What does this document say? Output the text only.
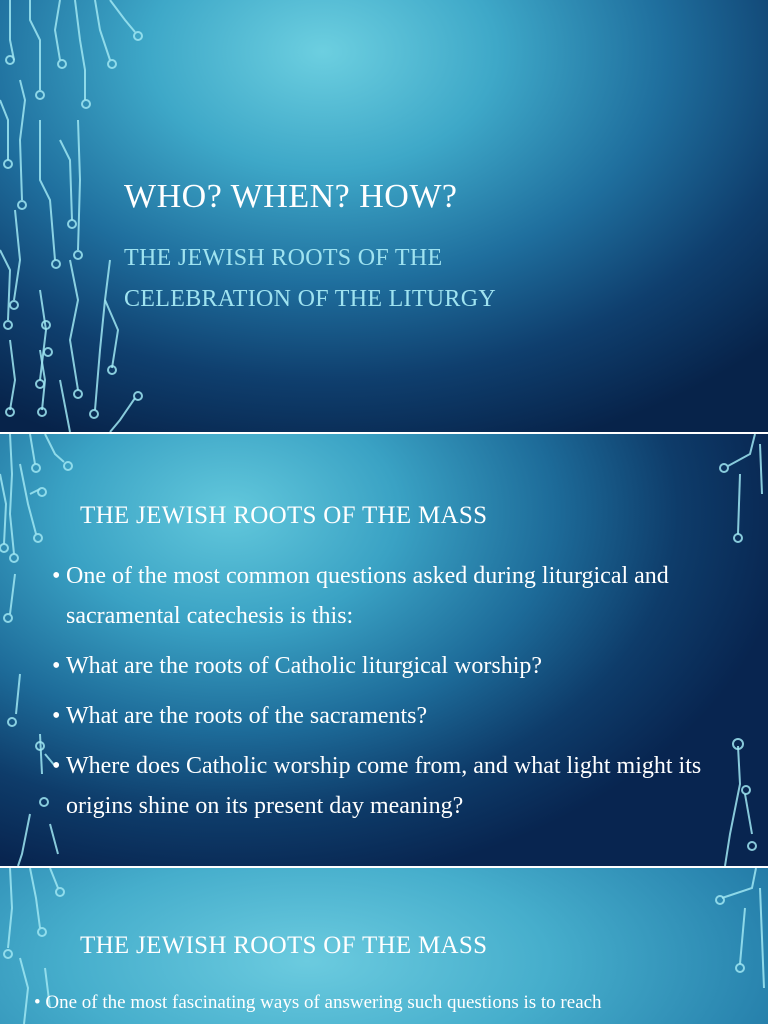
WHO? WHEN? HOW?
THE JEWISH ROOTS OF THE
CELEBRATION OF THE LITURGY
THE JEWISH ROOTS OF THE MASS
• One of the most common questions asked during liturgical and sacramental catechesis is this:
• What are the roots of Catholic liturgical worship?
• What are the roots of the sacraments?
• Where does Catholic worship come from, and what light might its origins shine on its present day meaning?
THE JEWISH ROOTS OF THE MASS
• One of the most fascinating ways of answering such questions is to reach
